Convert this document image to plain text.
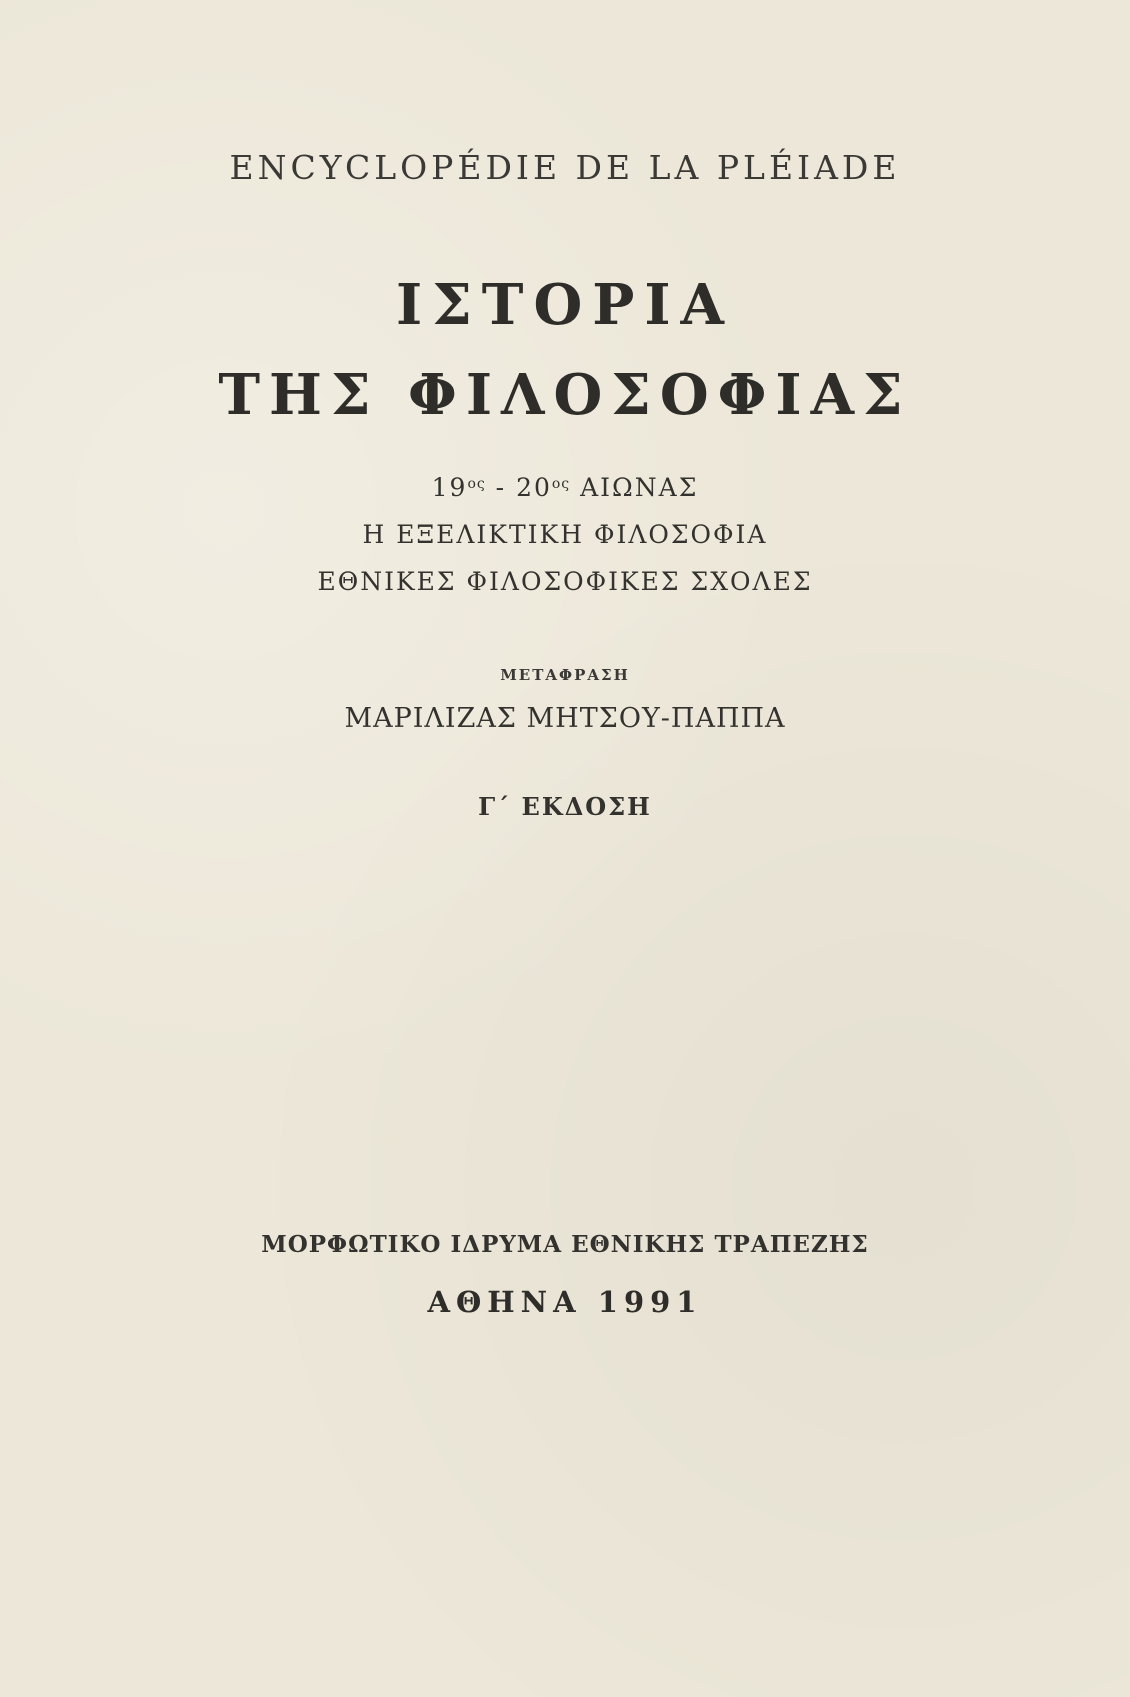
ENCYCLOPÉDIE DE LA PLÉIADE
ΙΣΤΟΡΙΑ
ΤΗΣ ΦΙΛΟΣΟΦΙΑΣ
$19^{o\varsigma} - 20^{o\varsigma}$ ΑΙΩΝΑΣ
Η ΕΞΕΛΙΚΤΙΚΗ ΦΙΛΟΣΟΦΙΑ
ΕΘΝΙΚΕΣ ΦΙΛΟΣΟΦΙΚΕΣ ΣΧΟΛΕΣ
ΜΕΤΑΦΡΑΣΗ
ΜΑΡΙΛΙΖΑΣ ΜΗΤΣΟΥ-ΠΑΠΠΑ
Γ΄ ΕΚΔΟΣΗ
ΜΟΡΦΩΤΙΚΟ ΙΔΡΥΜΑ ΕΘΝΙΚΗΣ ΤΡΑΠΕΖΗΣ
ΑΘΗΝΑ 1991
